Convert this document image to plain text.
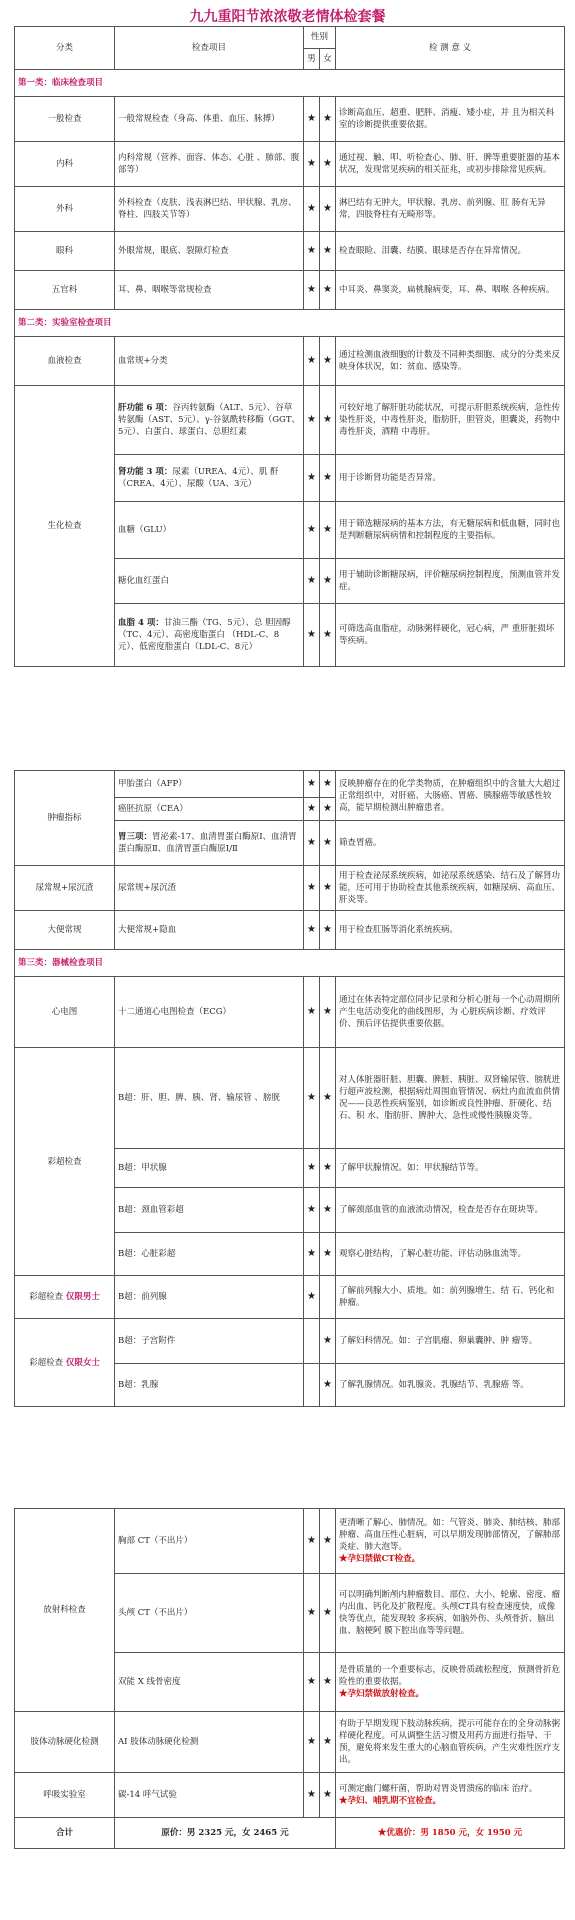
九九重阳节浓浓敬老情体检套餐
分类	检查项目	性别		检 测 意 义
		男	女	
第一类：临床检查项目				
一般检查	一般常规检查（身高、体重、血压、脉搏）	★	★	诊断高血压、超重、肥胖、消瘦、矮小症，并 且为相关科室的诊断提供重要依据。
内科	内科常规（营养、面容、体态、心脏 、肺部、腹部等）	★	★	通过视、触、叩、听检查心、肺、肝、脾等重要脏器的基本状况，发现常见疾病的相关征兆，或初步排除常见疾病。
外科	外科检查（皮肤、浅表淋巴结、甲状腺、乳房、脊柱、四肢关节等）	★	★	淋巴结有无肿大，甲状腺、乳房、前列腺、肛 肠有无异常，四肢脊柱有无畸形等。
眼科	外眼常规，眼底、裂隙灯检查	★	★	检查眼睑、泪囊、结膜、眼球是否存在异常情况。
五官科	耳、鼻、咽喉等常规检查	★	★	中耳炎、鼻窦炎，扁桃腺病变，耳、鼻、咽喉 各种疾病。
第二类：实验室检查项目				
血液检查	血常规+分类	★	★	通过检测血液细胞的计数及不同种类细胞、成分的分类来反映身体状况，如：贫血、感染等。
生化检查	肝功能 6 项：谷丙转氨酶（ALT、5元）、谷草转氨酶（AST、5元）、γ-谷氨酰转移酶（GGT、5元）、白蛋白、球蛋白、总胆红素	★	★	可较好地了解肝脏功能状况，可提示肝胆系统疾病，急性传染性肝炎，中毒性肝炎，脂肪肝，胆管炎，胆囊炎，药物中毒性肝炎，酒精 中毒肝。
	肾功能 3 项：尿素（UREA、4元）、肌 酐（CREA、4元）、尿酸（UA、3元）	★	★	用于诊断肾功能是否异常。
	血糖（GLU）	★	★	用于筛选糖尿病的基本方法，有无糖尿病和低血糖，同时也是判断糖尿病病情和控制程度的主要指标。
	糖化血红蛋白	★	★	用于辅助诊断糖尿病，评价糖尿病控制程度，预测血管并发症。
	血脂 4 项：甘油三酯（TG、5元）、总 胆固醇（TC、4元）、高密度脂蛋白 （HDL-C、8元）、低密度脂蛋白（LDL-C、8元）	★	★	可筛选高血脂症，动脉粥样硬化，冠心病，严 重肝脏损坏等疾病。
肿瘤指标	甲胎蛋白（AFP）	★	★	反映肿瘤存在的化学类物质，在肿瘤组织中的含量大大超过正常组织中，对肝癌、大肠癌、胃癌、胰腺癌等敏感性较高，能早期检测出肿瘤患者。
	癌胚抗原（CEA）	★	★	
	胃三项：胃泌素-17、血清胃蛋白酶原Ⅰ、血清胃蛋白酶原Ⅱ、血清胃蛋白酶原Ⅰ/Ⅱ	★	★	筛查胃癌。
尿常规+尿沉渣	尿常规+尿沉渣	★	★	用于检查泌尿系统疾病，如泌尿系统感染、结石及了解肾功能，还可用于协助检查其他系统疾病，如糖尿病、高血压、肝炎等。
大便常规	大便常规+隐血	★	★	用于检查肛肠等消化系统疾病。
第三类：器械检查项目				
心电图	十二通道心电图检查（ECG）	★	★	通过在体表特定部位同步记录和分析心脏每一个心动周期所产生电活动变化的曲线图形，为 心脏疾病诊断、疗效评价、预后评估提供重要依据。
彩超检查	B超：肝、胆、脾、胰、肾、输尿管 、膀胱	★	★	对人体脏器肝脏、胆囊、脾脏、胰脏、双肾输尿管、膀胱进行超声波检测，根据病灶周围血管情况、病灶内血流血供情况——良恶性疾病鉴别，如诊断或良性肿瘤、肝硬化、结石、积 水、脂肪肝、脾肿大、急性或慢性胰腺炎等。
	B超：甲状腺	★	★	了解甲状腺情况。如：甲状腺结节等。
	B超：颈血管彩超	★	★	了解颈部血管的血液流动情况，检查是否存在斑块等。
	B超：心脏彩超	★	★	观察心脏结构，了解心脏功能、评估动脉血流等。
彩超检查 仅限男士	B超：前列腺	★		了解前列腺大小、质地。如：前列腺增生、结 石、钙化和肿瘤。
彩超检查 仅限女士	B超：子宫附件		★	了解妇科情况。如：子宫肌瘤、卵巢囊肿、肿 瘤等。
	B超：乳腺		★	了解乳腺情况。如乳腺炎、乳腺结节、乳腺癌 等。
放射科检查	胸部 CT（不出片）	★	★	更清晰了解心、肺情况。如：气管炎、肺炎、肺结核、肺部肿瘤、高血压性心脏病，可以早期发现肺部情况，了解肺部炎症、肺大泡等。
★孕妇禁做CT检查。
	头颅 CT（不出片）	★	★	可以明确判断颅内肿瘤数目、部位、大小、轮廓、密度、瘤内出血、钙化及扩散程度。头颅CT具有检查速度快，成像快等优点，能发现较 多疾病，如脑外伤、头颅骨折、脑出血、脑梗阿 膜下腔出血等等问题。
	双能 X 线骨密度	★	★	是骨质量的一个重要标志，反映骨质疏松程度，预测骨折危险性的重要依据。
★孕妇禁做放射检查。
肢体动脉硬化检测	AI 肢体动脉硬化检测	★	★	有助于早期发现下肢动脉疾病，提示可能存在的全身动脉粥样硬化程度。可从调整生活习惯及用药方面进行指导、干预，避免将来发生重大的心脑血管疾病，产生灾难性医疗支出。
呼吸实验室	碳-14 呼气试验	★	★	可测定幽门螺杆菌，帮助对胃炎胃溃疡的临床 治疗。
★孕妇、哺乳期不宜检查。
合计	原价：男 2325 元，女 2465 元			★优惠价：男 1850 元，女 1950 元
